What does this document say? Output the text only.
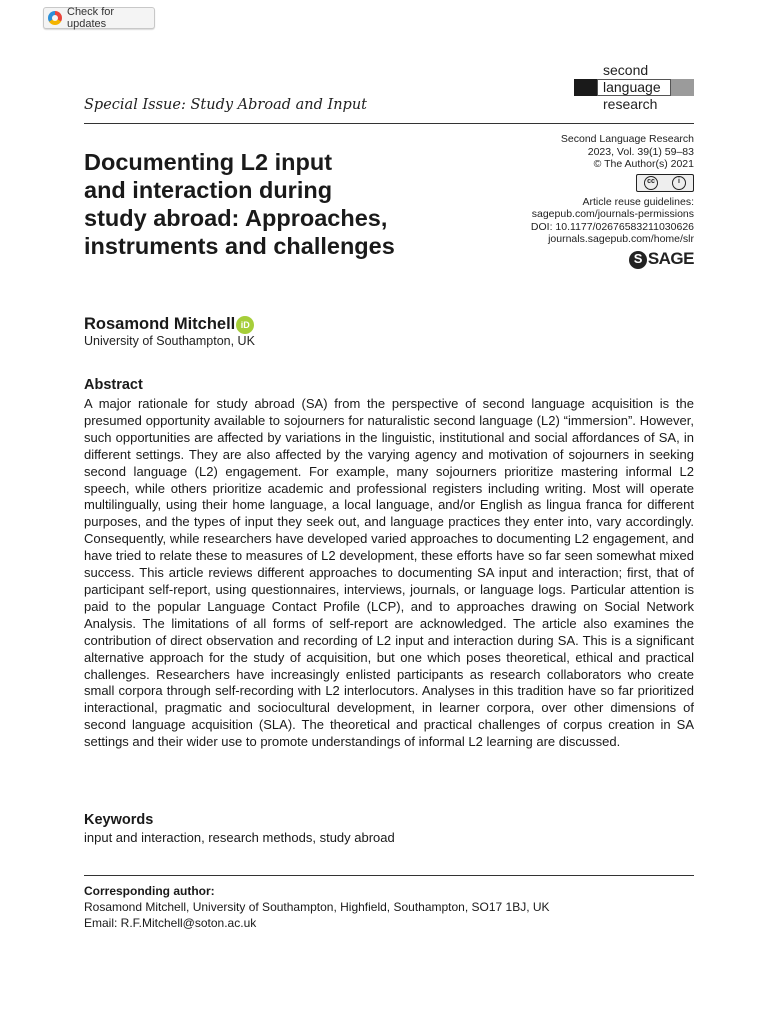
Check for updates
second
language
research
Special Issue: Study Abroad and Input
Second Language Research
2023, Vol. 39(1) 59–83
© The Author(s) 2021
cc	i
Article reuse guidelines:
sagepub.com/journals-permissions
DOI: 10.1177/02676583211030626
journals.sagepub.com/home/slr
S SAGE
Documenting L2 input
and interaction during
study abroad: Approaches,
instruments and challenges
Rosamond Mitchell iD
University of Southampton, UK
Abstract
A major rationale for study abroad (SA) from the perspective of second language acquisition is the presumed opportunity available to sojourners for naturalistic second language (L2) “immersion”. However, such opportunities are affected by variations in the linguistic, institutional and social affordances of SA, in different settings. They are also affected by the varying agency and motivation of sojourners in seeking second language (L2) engagement. For example, many sojourners prioritize mastering informal L2 speech, while others prioritize academic and professional registers including writing. Most will operate multilingually, using their home language, a local language, and/or English as lingua franca for different purposes, and the types of input they seek out, and language practices they enter into, vary accordingly. Consequently, while researchers have developed varied approaches to documenting L2 engagement, and have tried to relate these to measures of L2 development, these efforts have so far seen somewhat mixed success. This article reviews different approaches to documenting SA input and interaction; first, that of participant self-report, using questionnaires, interviews, journals, or language logs. Particular attention is paid to the popular Language Contact Profile (LCP), and to approaches drawing on Social Network Analysis. The limitations of all forms of self-report are acknowledged. The article also examines the contribution of direct observation and recording of L2 input and interaction during SA. This is a significant alternative approach for the study of acquisition, but one which poses theoretical, ethical and practical challenges. Researchers have increasingly enlisted participants as research collaborators who create small corpora through self-recording with L2 interlocutors. Analyses in this tradition have so far prioritized interactional, pragmatic and sociocultural development, in learner corpora, over other dimensions of second language acquisition (SLA). The theoretical and practical challenges of corpus creation in SA settings and their wider use to promote understandings of informal L2 learning are discussed.
Keywords
input and interaction, research methods, study abroad
Corresponding author:
Rosamond Mitchell, University of Southampton, Highfield, Southampton, SO17 1BJ, UK
Email: R.F.Mitchell@soton.ac.uk
